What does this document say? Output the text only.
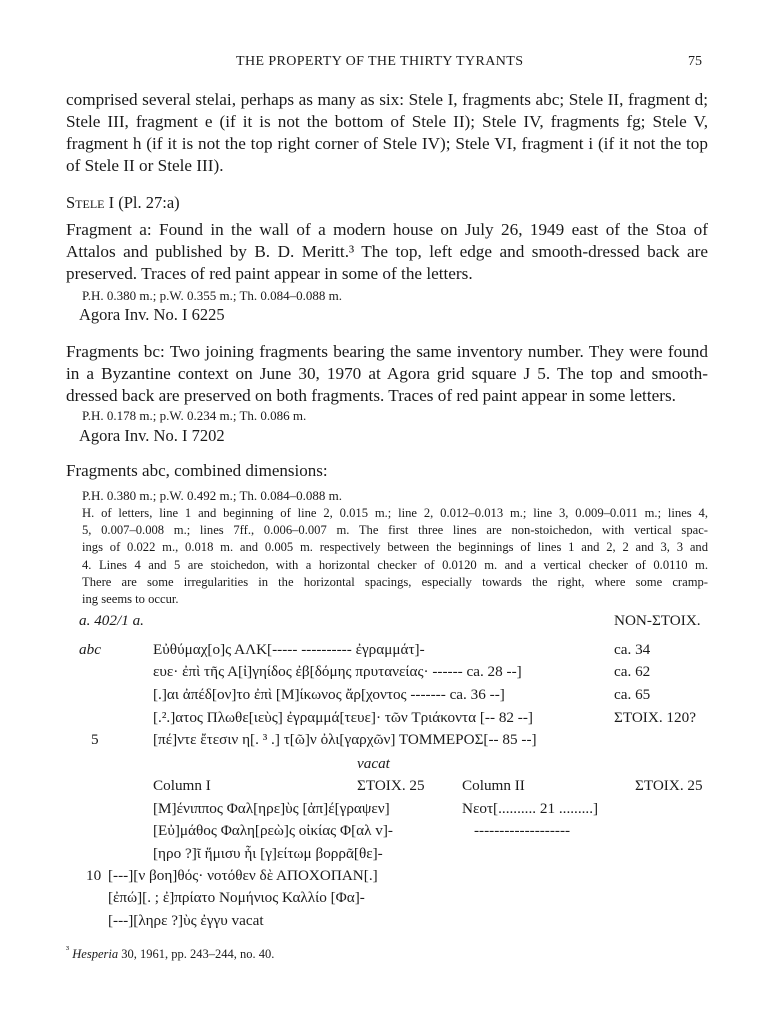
THE PROPERTY OF THE THIRTY TYRANTS	75
comprised several stelai, perhaps as many as six: Stele I, fragments abc; Stele II, fragment d;
Stele III, fragment e (if it is not the bottom of Stele II); Stele IV, fragments fg; Stele V,
fragment h (if it is not the top right corner of Stele IV); Stele VI, fragment i (if it not the top
of Stele II or Stele III).
Stele I (Pl. 27:a)
Fragment a: Found in the wall of a modern house on July 26, 1949 east of the Stoa of
Attalos and published by B. D. Meritt.³ The top, left edge and smooth-dressed back are
preserved. Traces of red paint appear in some of the letters.
P.H. 0.380 m.; p.W. 0.355 m.; Th. 0.084–0.088 m.
Agora Inv. No. I 6225
Fragments bc: Two joining fragments bearing the same inventory number. They were found
in a Byzantine context on June 30, 1970 at Agora grid square J 5. The top and smooth-
dressed back are preserved on both fragments. Traces of red paint appear in some letters.
P.H. 0.178 m.; p.W. 0.234 m.; Th. 0.086 m.
Agora Inv. No. I 7202
Fragments abc, combined dimensions:
P.H. 0.380 m.; p.W. 0.492 m.; Th. 0.084–0.088 m.
H. of letters, line 1 and beginning of line 2, 0.015 m.; line 2, 0.012–0.013 m.; line 3, 0.009–0.011 m.; lines 4,
5, 0.007–0.008 m.; lines 7ff., 0.006–0.007 m. The first three lines are non-stoichedon, with vertical spac-
ings of 0.022 m., 0.018 m. and 0.005 m. respectively between the beginnings of lines 1 and 2, 2 and 3, 3 and
4. Lines 4 and 5 are stoichedon, with a horizontal checker of 0.0120 m. and a vertical checker of 0.0110 m.
There are some irregularities in the horizontal spacings, especially towards the right, where some cramp-
ing seems to occur.
a. 402/1 a.	NON-ΣΤΟΙΧ.
abc	Εὐθύμαχ[ο]ς ΑΛΚ[----- ---------- ἐγραμμάτ]-	ca. 34
ευε· ἐπὶ τῆς Α[ἰ]γηίδος ἐβ[δόμης πρυτανείας· ------ ca. 28 --]	ca. 62
[.]αι ἀπέδ[ον]το ἐπὶ [Μ]ίκωνος ἄρ[χοντος ------- ca. 36 --]	ca. 65
[.².]ατος Πλωθε[ιεὺς] ἐγραμμά[τευε]· τῶν Τριάκοντα [-- 82 --]	ΣΤΟΙΧ. 120?
5	[πέ]ντε ἔτεσιν η[. ³ .] τ[ῶ]ν ὀλι[γαρχῶν] ΤΟΜΜΕΡΟΣ[-- 85 --]
vacat
Column I	ΣΤΟΙΧ. 25 Column II	ΣΤΟΙΧ. 25
[Μ]ένιππος Φαλ[ηρε]ὺς [ἀπ]έ[γραψεν]	Νεοτ[.......... 21 .........]
[Εὐ]μάθος Φαλη[ρεὼ]ς οἰκίας Φ[αλ v]-	-------------------
[ηρο ?]ῖ ἥμισυ ἧι [γ]είτωμ βορρᾶ[θε]-
10 [---][ν βοη]θός· νοτόθεν δὲ ΑΠΟΧΟΠΑΝ[.]
[ἐπώ][. ; ἐ]πρίατο Νομήνιος Καλλίο [Φα]-
[---][ληρε ?]ὺς ἐγγυ vacat
$^{^3}$ Hesperia 30, 1961, pp. 243–244, no. 40.
